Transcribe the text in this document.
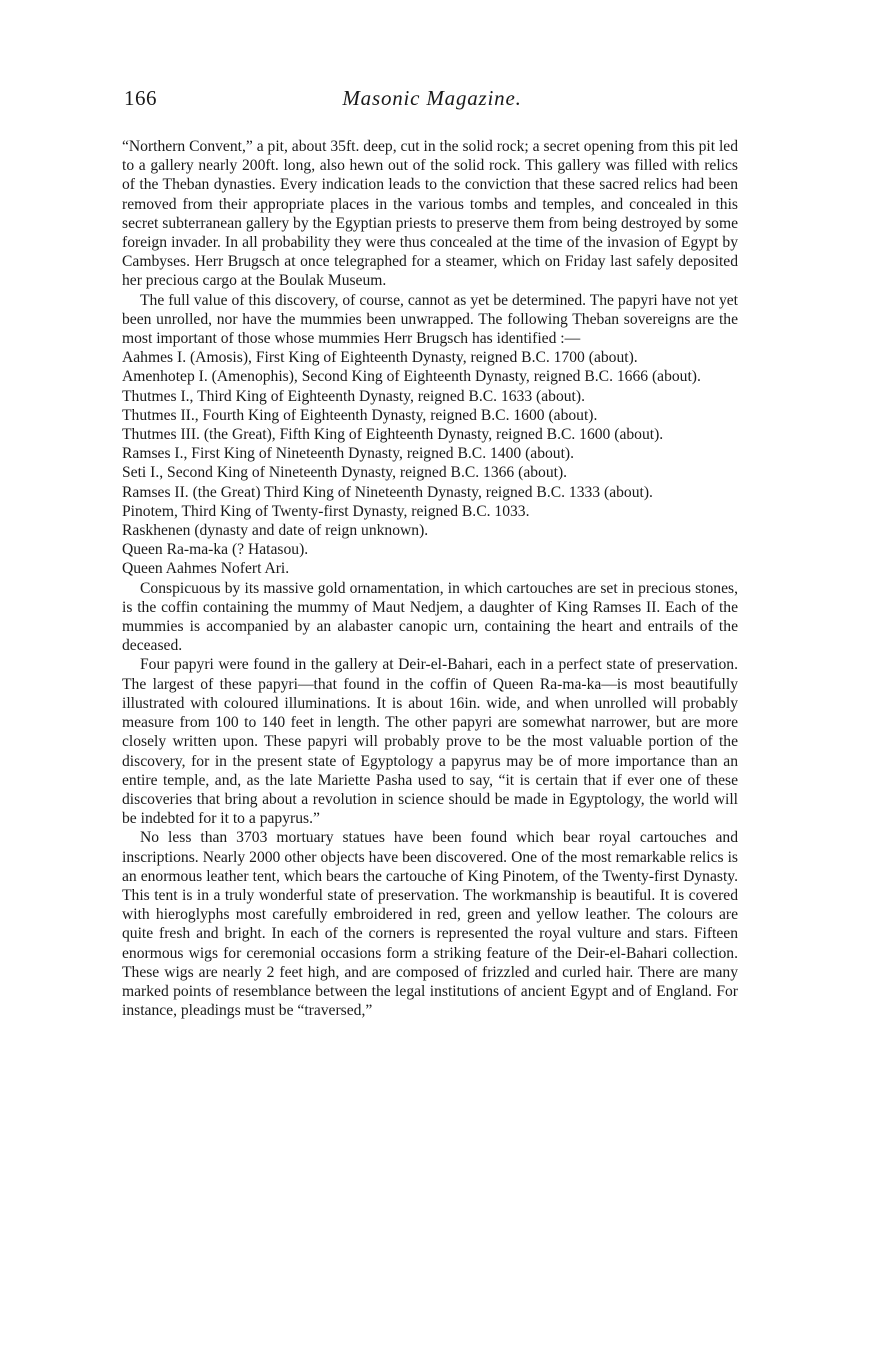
166	Masonic Magazine.

“Northern Convent,” a pit, about 35ft. deep, cut in the solid rock; a secret opening from this pit led to a gallery nearly 200ft. long, also hewn out of the solid rock. This gallery was filled with relics of the Theban dynasties. Every indication leads to the conviction that these sacred relics had been removed from their appropriate places in the various tombs and temples, and concealed in this secret subterranean gallery by the Egyptian priests to preserve them from being destroyed by some foreign invader. In all probability they were thus concealed at the time of the invasion of Egypt by Cambyses. Herr Brugsch at once telegraphed for a steamer, which on Friday last safely deposited her precious cargo at the Boulak Museum.

The full value of this discovery, of course, cannot as yet be determined. The papyri have not yet been unrolled, nor have the mummies been unwrapped. The following Theban sovereigns are the most important of those whose mummies Herr Brugsch has identified :—

Aahmes I. (Amosis), First King of Eighteenth Dynasty, reigned B.C. 1700 (about).
Amenhotep I. (Amenophis), Second King of Eighteenth Dynasty, reigned B.C. 1666 (about).
Thutmes I., Third King of Eighteenth Dynasty, reigned B.C. 1633 (about).
Thutmes II., Fourth King of Eighteenth Dynasty, reigned B.C. 1600 (about).
Thutmes III. (the Great), Fifth King of Eighteenth Dynasty, reigned B.C. 1600 (about).
Ramses I., First King of Nineteenth Dynasty, reigned B.C. 1400 (about).
Seti I., Second King of Nineteenth Dynasty, reigned B.C. 1366 (about).
Ramses II. (the Great) Third King of Nineteenth Dynasty, reigned B.C. 1333 (about).
Pinotem, Third King of Twenty-first Dynasty, reigned B.C. 1033.
Raskhenen (dynasty and date of reign unknown).
Queen Ra-ma-ka (? Hatasou).
Queen Aahmes Nofert Ari.

Conspicuous by its massive gold ornamentation, in which cartouches are set in precious stones, is the coffin containing the mummy of Maut Nedjem, a daughter of King Ramses II. Each of the mummies is accompanied by an alabaster canopic urn, containing the heart and entrails of the deceased.

Four papyri were found in the gallery at Deir-el-Bahari, each in a perfect state of preservation. The largest of these papyri—that found in the coffin of Queen Ra-ma-ka—is most beautifully illustrated with coloured illuminations. It is about 16in. wide, and when unrolled will probably measure from 100 to 140 feet in length. The other papyri are somewhat narrower, but are more closely written upon. These papyri will probably prove to be the most valuable portion of the discovery, for in the present state of Egyptology a papyrus may be of more importance than an entire temple, and, as the late Mariette Pasha used to say, “it is certain that if ever one of these discoveries that bring about a revolution in science should be made in Egyptology, the world will be indebted for it to a papyrus.”

No less than 3703 mortuary statues have been found which bear royal cartouches and inscriptions. Nearly 2000 other objects have been discovered. One of the most remarkable relics is an enormous leather tent, which bears the cartouche of King Pinotem, of the Twenty-first Dynasty. This tent is in a truly wonderful state of preservation. The workmanship is beautiful. It is covered with hieroglyphs most carefully embroidered in red, green and yellow leather. The colours are quite fresh and bright. In each of the corners is represented the royal vulture and stars. Fifteen enormous wigs for ceremonial occasions form a striking feature of the Deir-el-Bahari collection. These wigs are nearly 2 feet high, and are composed of frizzled and curled hair. There are many marked points of resemblance between the legal institutions of ancient Egypt and of England. For instance, pleadings must be “traversed,”
